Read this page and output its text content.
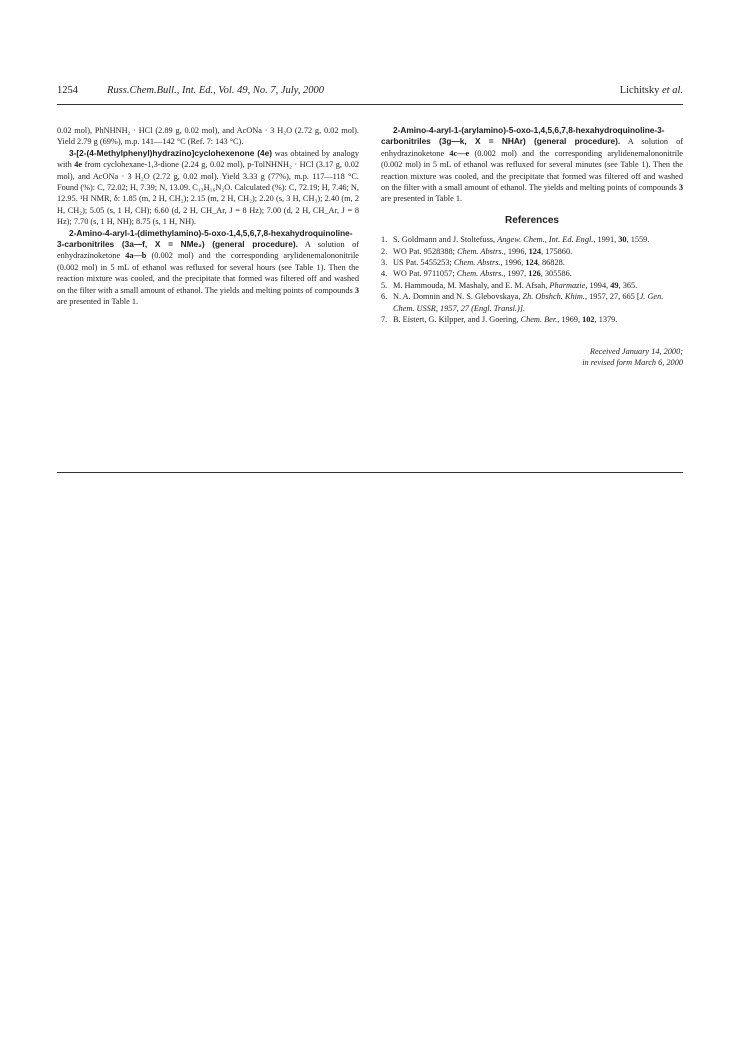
1254	Russ.Chem.Bull., Int. Ed., Vol. 49, No. 7, July, 2000	Lichitsky et al.

0.02 mol), PhNHNH₂ · HCl (2.89 g, 0.02 mol), and AcONa · 3 H₂O (2.72 g, 0.02 mol). Yield 2.79 g (69%), m.p. 141—142 °C (Ref. 7: 143 °C).

3-[2-(4-Methylphenyl)hydrazino]cyclohexenone (4e) was obtained by analogy with 4e from cyclohexane-1,3-dione (2.24 g, 0.02 mol), p-TolNHNH₂ · HCl (3.17 g, 0.02 mol), and AcONa · 3 H₂O (2.72 g, 0.02 mol). Yield 3.33 g (77%), m.p. 117—118 °C. Found (%): C, 72.02; H, 7.39; N, 13.09. C₁₃H₁₆N₂O. Calculated (%): C, 72.19; H, 7.46; N, 12.95. ¹H NMR, δ: 1.85 (m, 2 H, CH₂); 2.15 (m, 2 H, CH₂); 2.20 (s, 3 H, CH₃); 2.40 (m, 2 H, CH₂); 5.05 (s, 1 H, CH); 6.60 (d, 2 H, CH_Ar, J = 8 Hz); 7.00 (d, 2 H, CH_Ar, J = 8 Hz); 7.70 (s, 1 H, NH); 8.75 (s, 1 H, NH).

2-Amino-4-aryl-1-(dimethylamino)-5-oxo-1,4,5,6,7,8-hexahydroquinoline-3-carbonitriles (3a—f, X = NMe₂) (general procedure). A solution of enhydrazinoketone 4a—b (0.002 mol) and the corresponding arylidenemalononitrile (0.002 mol) in 5 mL of ethanol was refluxed for several hours (see Table 1). Then the reaction mixture was cooled, and the precipitate that formed was filtered off and washed on the filter with a small amount of ethanol. The yields and melting points of compounds 3 are presented in Table 1.

2-Amino-4-aryl-1-(arylamino)-5-oxo-1,4,5,6,7,8-hexahydroquinoline-3-carbonitriles (3g—k, X = NHAr) (general procedure). A solution of enhydrazinoketone 4c—e (0.002 mol) and the corresponding arylidenemalononitrile (0.002 mol) in 5 mL of ethanol was refluxed for several minutes (see Table 1). Then the reaction mixture was cooled, and the precipitate that formed was filtered off and washed on the filter with a small amount of ethanol. The yields and melting points of compounds 3 are presented in Table 1.

References
1. S. Goldmann and J. Stoltefuss, Angew. Chem., Int. Ed. Engl., 1991, 30, 1559.
2. WO Pat. 9528388; Chem. Abstrs., 1996, 124, 175860.
3. US Pat. 5455253; Chem. Abstrs., 1996, 124, 86828.
4. WO Pat. 9711057; Chem. Abstrs., 1997, 126, 305586.
5. M. Hammouda, M. Mashaly, and E. M. Afsah, Pharmazie, 1994, 49, 365.
6. N. A. Domnin and N. S. Glebovskaya, Zh. Obshch. Khim., 1957, 27, 665 [J. Gen. Chem. USSR, 1957, 27 (Engl. Transl.)].
7. B. Eistert, G. Kilpper, and J. Goering, Chem. Ber., 1969, 102, 1379.
Received January 14, 2000;
in revised form March 6, 2000
